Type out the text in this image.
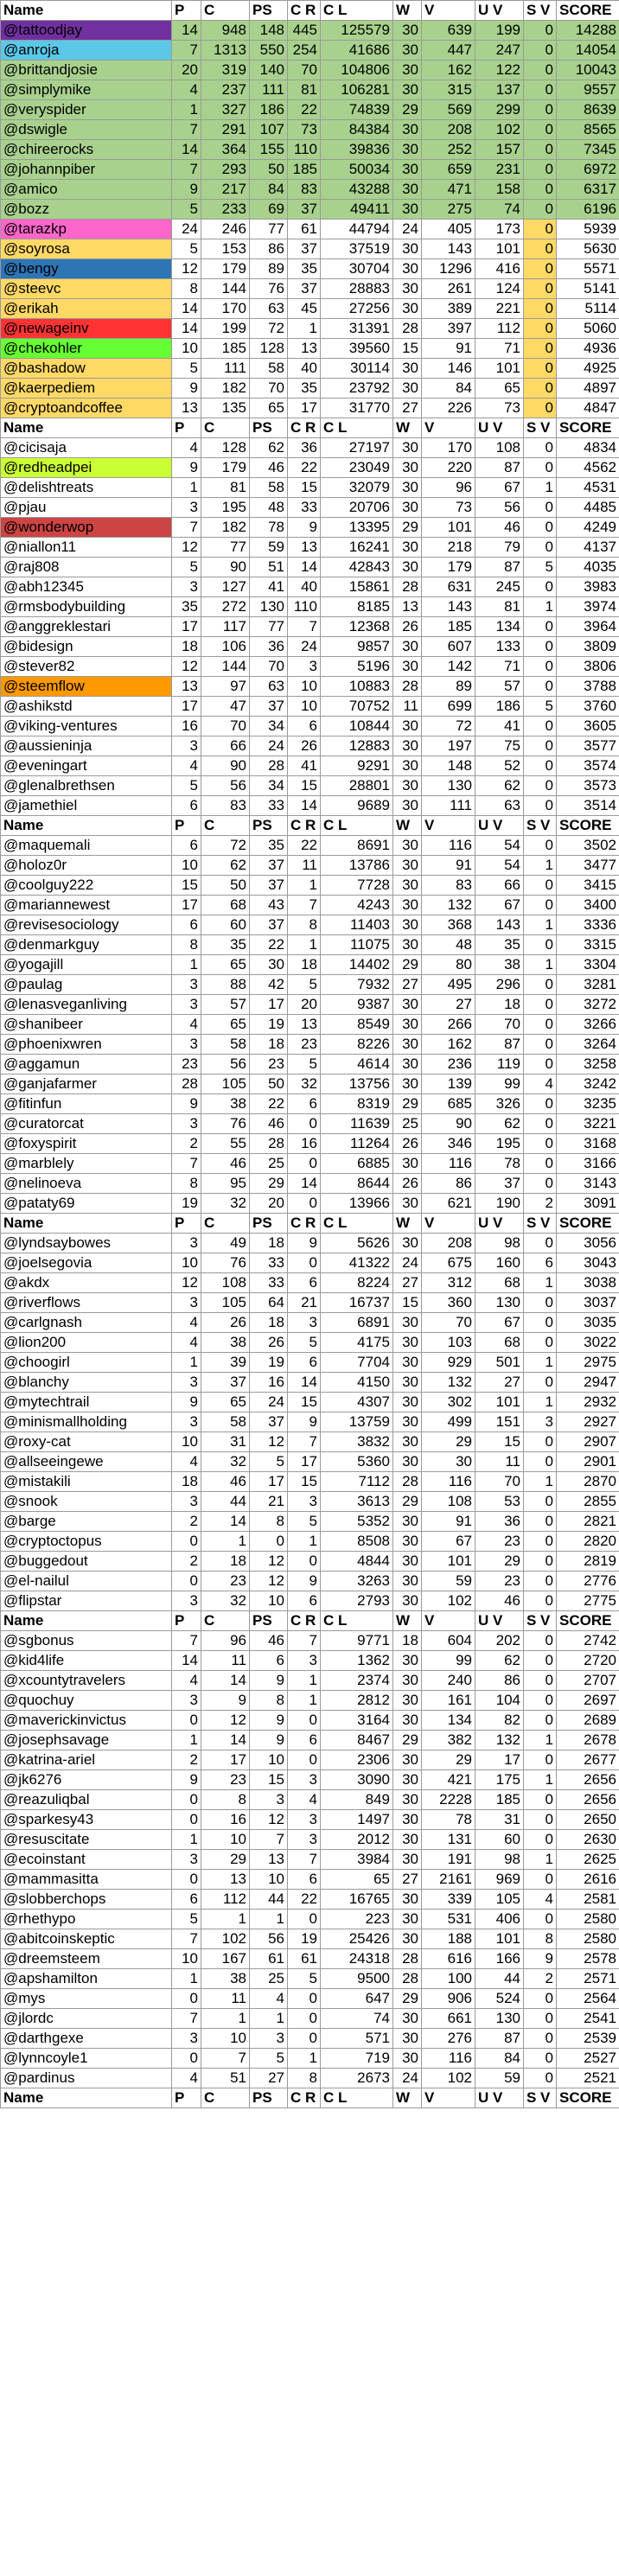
Name	P	C	PS	C R	C L	W	V	U V	S V	SCORE
@tattoodjay	14	948	148	445	125579	30	639	199	0	14288
@anroja	7	1313	550	254	41686	30	447	247	0	14054
@brittandjosie	20	319	140	70	104806	30	162	122	0	10043
@simplymike	4	237	111	81	106281	30	315	137	0	9557
@veryspider	1	327	186	22	74839	29	569	299	0	8639
@dswigle	7	291	107	73	84384	30	208	102	0	8565
@chireerocks	14	364	155	110	39836	30	252	157	0	7345
@johannpiber	7	293	50	185	50034	30	659	231	0	6972
@amico	9	217	84	83	43288	30	471	158	0	6317
@bozz	5	233	69	37	49411	30	275	74	0	6196
@tarazkp	24	246	77	61	44794	24	405	173	0	5939
@soyrosa	5	153	86	37	37519	30	143	101	0	5630
@bengy	12	179	89	35	30704	30	1296	416	0	5571
@steevc	8	144	76	37	28883	30	261	124	0	5141
@erikah	14	170	63	45	27256	30	389	221	0	5114
@newageinv	14	199	72	1	31391	28	397	112	0	5060
@chekohler	10	185	128	13	39560	15	91	71	0	4936
@bashadow	5	111	58	40	30114	30	146	101	0	4925
@kaerpediem	9	182	70	35	23792	30	84	65	0	4897
@cryptoandcoffee	13	135	65	17	31770	27	226	73	0	4847
Name	P	C	PS	C R	C L	W	V	U V	S V	SCORE
@cicisaja	4	128	62	36	27197	30	170	108	0	4834
@redheadpei	9	179	46	22	23049	30	220	87	0	4562
@delishtreats	1	81	58	15	32079	30	96	67	1	4531
@pjau	3	195	48	33	20706	30	73	56	0	4485
@wonderwop	7	182	78	9	13395	29	101	46	0	4249
@niallon11	12	77	59	13	16241	30	218	79	0	4137
@raj808	5	90	51	14	42843	30	179	87	5	4035
@abh12345	3	127	41	40	15861	28	631	245	0	3983
@rmsbodybuilding	35	272	130	110	8185	13	143	81	1	3974
@anggreklestari	17	117	77	7	12368	26	185	134	0	3964
@bidesign	18	106	36	24	9857	30	607	133	0	3809
@stever82	12	144	70	3	5196	30	142	71	0	3806
@steemflow	13	97	63	10	10883	28	89	57	0	3788
@ashikstd	17	47	37	10	70752	11	699	186	5	3760
@viking-ventures	16	70	34	6	10844	30	72	41	0	3605
@aussieninja	3	66	24	26	12883	30	197	75	0	3577
@eveningart	4	90	28	41	9291	30	148	52	0	3574
@glenalbrethsen	5	56	34	15	28801	30	130	62	0	3573
@jamethiel	6	83	33	14	9689	30	111	63	0	3514
Name	P	C	PS	C R	C L	W	V	U V	S V	SCORE
@maquemali	6	72	35	22	8691	30	116	54	0	3502
@holoz0r	10	62	37	11	13786	30	91	54	1	3477
@coolguy222	15	50	37	1	7728	30	83	66	0	3415
@mariannewest	17	68	43	7	4243	30	132	67	0	3400
@revisesociology	6	60	37	8	11403	30	368	143	1	3336
@denmarkguy	8	35	22	1	11075	30	48	35	0	3315
@yogajill	1	65	30	18	14402	29	80	38	1	3304
@paulag	3	88	42	5	7932	27	495	296	0	3281
@lenasveganliving	3	57	17	20	9387	30	27	18	0	3272
@shanibeer	4	65	19	13	8549	30	266	70	0	3266
@phoenixwren	3	58	18	23	8226	30	162	87	0	3264
@aggamun	23	56	23	5	4614	30	236	119	0	3258
@ganjafarmer	28	105	50	32	13756	30	139	99	4	3242
@fitinfun	9	38	22	6	8319	29	685	326	0	3235
@curatorcat	3	76	46	0	11639	25	90	62	0	3221
@foxyspirit	2	55	28	16	11264	26	346	195	0	3168
@marblely	7	46	25	0	6885	30	116	78	0	3166
@nelinoeva	8	95	29	14	8644	26	86	37	0	3143
@pataty69	19	32	20	0	13966	30	621	190	2	3091
Name	P	C	PS	C R	C L	W	V	U V	S V	SCORE
@lyndsaybowes	3	49	18	9	5626	30	208	98	0	3056
@joelsegovia	10	76	33	0	41322	24	675	160	6	3043
@akdx	12	108	33	6	8224	27	312	68	1	3038
@riverflows	3	105	64	21	16737	15	360	130	0	3037
@carlgnash	4	26	18	3	6891	30	70	67	0	3035
@lion200	4	38	26	5	4175	30	103	68	0	3022
@choogirl	1	39	19	6	7704	30	929	501	1	2975
@blanchy	3	37	16	14	4150	30	132	27	0	2947
@mytechtrail	9	65	24	15	4307	30	302	101	1	2932
@minismallholding	3	58	37	9	13759	30	499	151	3	2927
@roxy-cat	10	31	12	7	3832	30	29	15	0	2907
@allseeingewe	4	32	5	17	5360	30	30	11	0	2901
@mistakili	18	46	17	15	7112	28	116	70	1	2870
@snook	3	44	21	3	3613	29	108	53	0	2855
@barge	2	14	8	5	5352	30	91	36	0	2821
@cryptoctopus	0	1	0	1	8508	30	67	23	0	2820
@buggedout	2	18	12	0	4844	30	101	29	0	2819
@el-nailul	0	23	12	9	3263	30	59	23	0	2776
@flipstar	3	32	10	6	2793	30	102	46	0	2775
Name	P	C	PS	C R	C L	W	V	U V	S V	SCORE
@sgbonus	7	96	46	7	9771	18	604	202	0	2742
@kid4life	14	11	6	3	1362	30	99	62	0	2720
@xcountytravelers	4	14	9	1	2374	30	240	86	0	2707
@quochuy	3	9	8	1	2812	30	161	104	0	2697
@maverickinvictus	0	12	9	0	3164	30	134	82	0	2689
@josephsavage	1	14	9	6	8467	29	382	132	1	2678
@katrina-ariel	2	17	10	0	2306	30	29	17	0	2677
@jk6276	9	23	15	3	3090	30	421	175	1	2656
@reazuliqbal	0	8	3	4	849	30	2228	185	0	2656
@sparkesy43	0	16	12	3	1497	30	78	31	0	2650
@resuscitate	1	10	7	3	2012	30	131	60	0	2630
@ecoinstant	3	29	13	7	3984	30	191	98	1	2625
@mammasitta	0	13	10	6	65	27	2161	969	0	2616
@slobberchops	6	112	44	22	16765	30	339	105	4	2581
@rhethypo	5	1	1	0	223	30	531	406	0	2580
@abitcoinskeptic	7	102	56	19	25426	30	188	101	8	2580
@dreemsteem	10	167	61	61	24318	28	616	166	9	2578
@apshamilton	1	38	25	5	9500	28	100	44	2	2571
@mys	0	11	4	0	647	29	906	524	0	2564
@jlordc	7	1	1	0	74	30	661	130	0	2541
@darthgexe	3	10	3	0	571	30	276	87	0	2539
@lynncoyle1	0	7	5	1	719	30	116	84	0	2527
@pardinus	4	51	27	8	2673	24	102	59	0	2521
Name	P	C	PS	C R	C L	W	V	U V	S V	SCORE
